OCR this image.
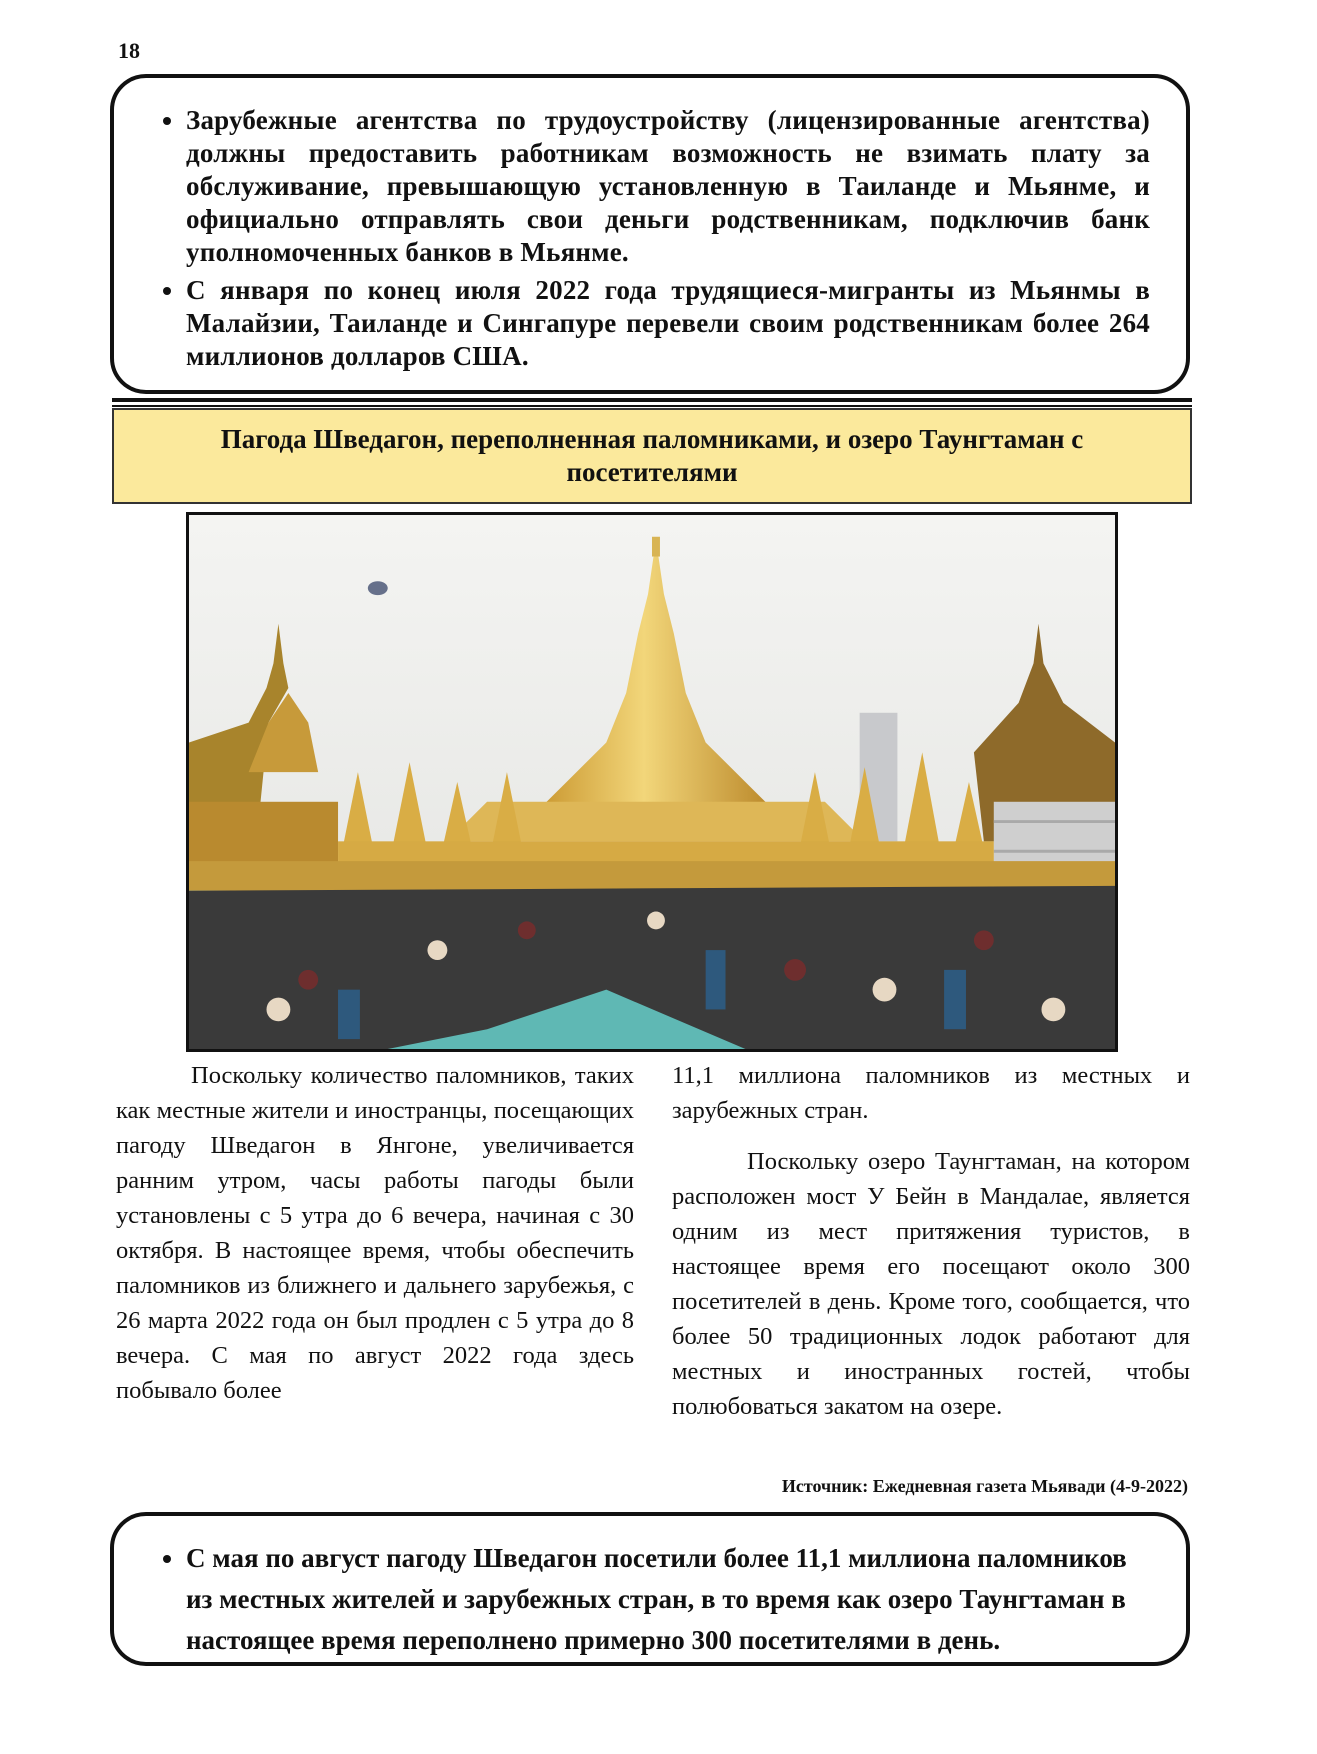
18
• Зарубежные агентства по трудоустройству (лицензированные агентства) должны предоставить работникам возможность не взимать плату за обслуживание, превышающую установленную в Таиланде и Мьянме, и официально отправлять свои деньги родственникам, подключив банк уполномоченных банков в Мьянме.
• С января по конец июля 2022 года трудящиеся-мигранты из Мьянмы в Малайзии, Таиланде и Сингапуре перевели своим родственникам более 264 миллионов долларов США.
Пагода Шведагон, переполненная паломниками, и озеро Таунгтаман с посетителями

Поскольку количество паломников, таких как местные жители и иностранцы, посещающих пагоду Шведагон в Янгоне, увеличивается ранним утром, часы работы пагоды были установлены с 5 утра до 6 вечера, начиная с 30 октября. В настоящее время, чтобы обеспечить паломников из ближнего и дальнего зарубежья, с 26 марта 2022 года он был продлен с 5 утра до 8 вечера. С мая по август 2022 года здесь побывало более

11,1 миллиона паломников из местных и зарубежных стран.

Поскольку озеро Таунгтаман, на котором расположен мост У Бейн в Мандалае, является одним из мест притяжения туристов, в настоящее время его посещают около 300 посетителей в день. Кроме того, сообщается, что более 50 традиционных лодок работают для местных и иностранных гостей, чтобы полюбоваться закатом на озере.

Источник: Ежедневная газета Мьявади (4-9-2022)
• С мая по август пагоду Шведагон посетили более 11,1 миллиона паломников из местных жителей и зарубежных стран, в то время как озеро Таунгтаман в настоящее время переполнено примерно 300 посетителями в день.
